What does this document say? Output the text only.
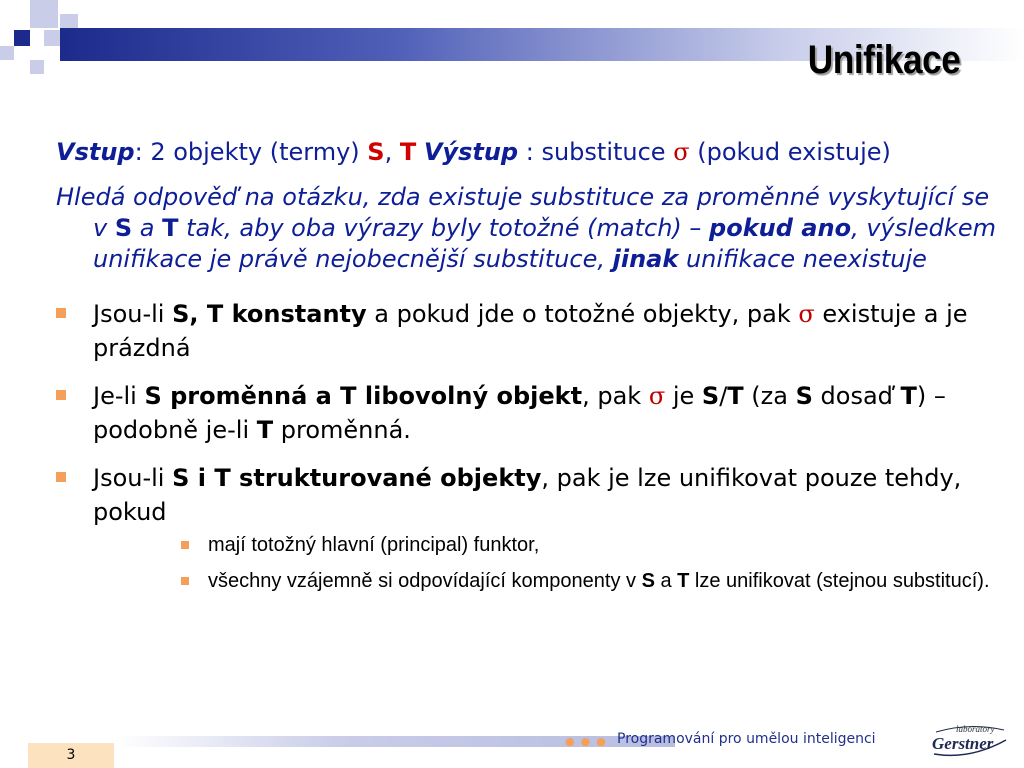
Unifikace
Vstup: 2 objekty (termy) S, T Výstup : substituce σ (pokud existuje)
Hledá odpověď na otázku, zda existuje substituce za proměnné vyskytující se v S a T tak, aby oba výrazy byly totožné (match) – pokud ano, výsledkem unifikace je právě nejobecnější substituce, jinak unifikace neexistuje
Jsou-li S, T konstanty a pokud jde o totožné objekty, pak σ existuje a je prázdná
Je-li S proměnná a T libovolný objekt, pak σ je S/T (za S dosaď T) – podobně je-li T proměnná.
Jsou-li S i T strukturované objekty, pak je lze unifikovat pouze tehdy, pokud
mají totožný hlavní (principal) funktor,
všechny vzájemně si odpovídající komponenty v S a T lze unifikovat (stejnou substitucí).
●●● Programování pro umělou inteligenci
3
laboratory
Gerstner
